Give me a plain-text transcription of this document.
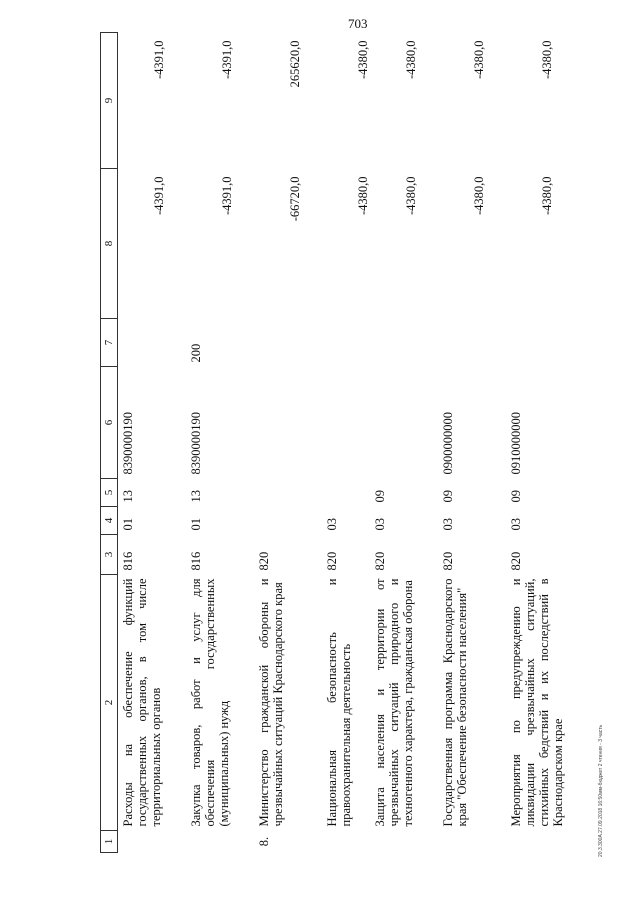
703
1	2	3	4	5	6	7	8	9
	Расходы на обеспечение функций государственных органов, в том числе территориальных органов	816	01	13	8390000190		-4391,0	-4391,0
	Закупка товаров, работ и услуг для обеспечения государственных (муниципальных) нужд	816	01	13	8390000190	200	-4391,0	-4391,0
8.	Министерство гражданской обороны и чрезвычайных ситуаций Краснодарского края	820					-66720,0	265620,0
	Национальная безопасность и правоохранительная деятельность	820	03				-4380,0	-4380,0
	Защита населения и территории от чрезвычайных ситуаций природного и техногенного характера, гражданская оборона	820	03	09			-4380,0	-4380,0
	Государственная программа Краснодарского края "Обеспечение безопасности населения"	820	03	09	0900000000		-4380,0	-4380,0
	Мероприятия по предупреждению и ликвидации чрезвычайных ситуаций, стихийных бедствий и их последствий в Краснодарском крае	820	03	09	0910000000		-4380,0	-4380,0
20.3.300А.27.09.2018 16:50мм-бюджет 2 чтения - 3 часть
